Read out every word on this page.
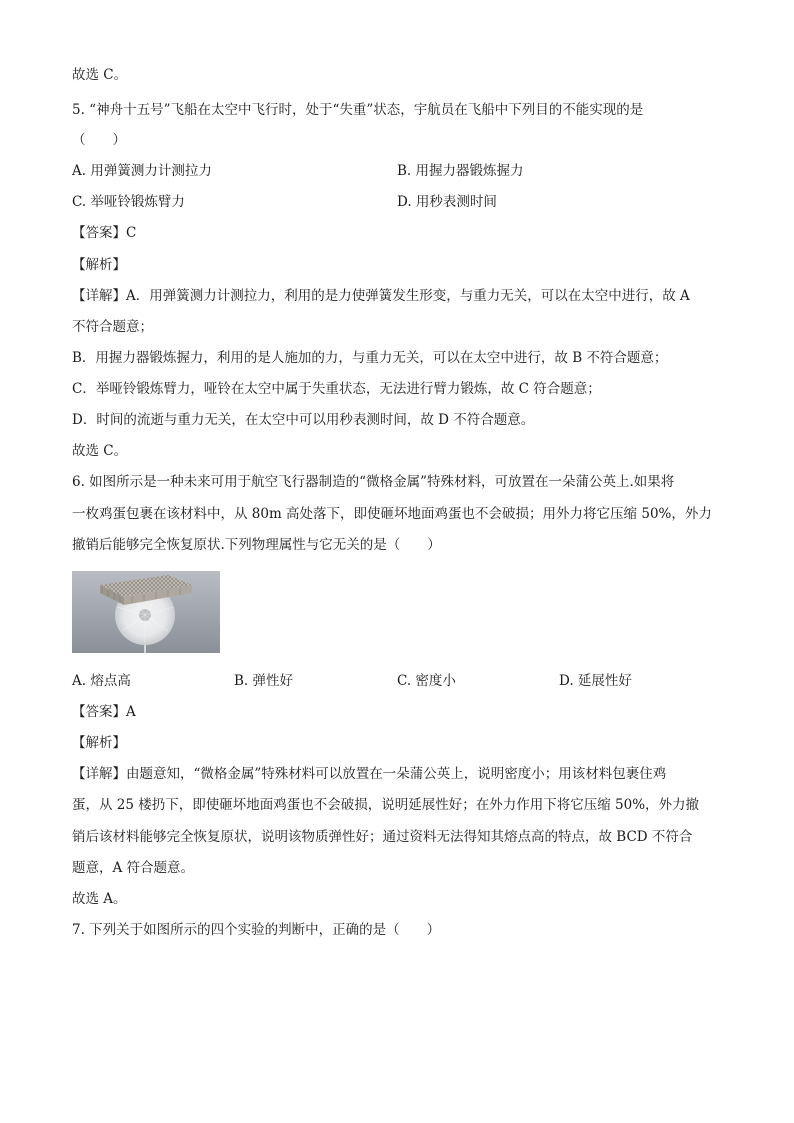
故选 C。
5. “神舟十五号”飞船在太空中飞行时，处于“失重”状态，宇航员在飞船中下列目的不能实现的是
（　　）
A. 用弹簧测力计测拉力	B. 用握力器锻炼握力
C. 举哑铃锻炼臂力	D. 用秒表测时间
【答案】C
【解析】
【详解】A．用弹簧测力计测拉力，利用的是力使弹簧发生形变，与重力无关，可以在太空中进行，故 A
不符合题意；
B．用握力器锻炼握力，利用的是人施加的力，与重力无关，可以在太空中进行，故 B 不符合题意；
C．举哑铃锻炼臂力，哑铃在太空中属于失重状态，无法进行臂力锻炼，故 C 符合题意；
D．时间的流逝与重力无关，在太空中可以用秒表测时间，故 D 不符合题意。
故选 C。
6. 如图所示是一种未来可用于航空飞行器制造的“微格金属”特殊材料，可放置在一朵蒲公英上.如果将
一枚鸡蛋包裹在该材料中，从 80m 高处落下，即使砸坏地面鸡蛋也不会破损；用外力将它压缩 50%，外力
撤销后能够完全恢复原状.下列物理属性与它无关的是（　　）
A. 熔点高	B. 弹性好	C. 密度小	D. 延展性好
【答案】A
【解析】
【详解】由题意知，“微格金属”特殊材料可以放置在一朵蒲公英上，说明密度小；用该材料包裹住鸡
蛋，从 25 楼扔下，即使砸坏地面鸡蛋也不会破损，说明延展性好；在外力作用下将它压缩 50%，外力撤
销后该材料能够完全恢复原状，说明该物质弹性好；通过资料无法得知其熔点高的特点，故 BCD 不符合
题意，A 符合题意。
故选 A。
7. 下列关于如图所示的四个实验的判断中，正确的是（　　）
